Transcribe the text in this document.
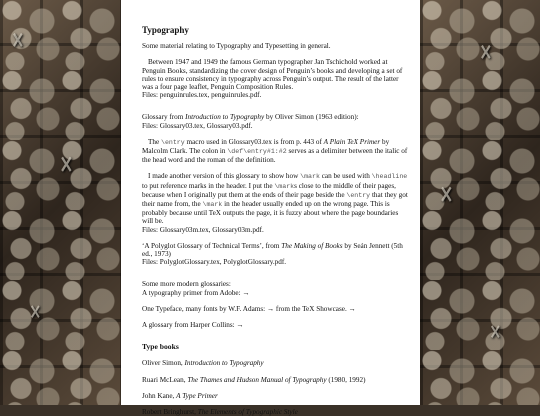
☓
☓
☓
☓
☓
☓
Typography

Some material relating to Typography and Typesetting in general.

Between 1947 and 1949 the famous German typographer Jan Tschichold worked at Penguin Books, standardizing the cover design of Penguin’s books and developing a set of rules to ensure consistency in typography across Penguin’s output. The result of the latter was a four page leaflet, Penguin Composition Rules.
Files: penguinrules.tex, penguinrules.pdf.

Glossary from Introduction to Typography by Oliver Simon (1963 edition):
Files: Glossary03.tex, Glossary03.pdf.

The \entry macro used in Glossary03.tex is from p. 443 of A Plain TeX Primer by Malcolm Clark. The colon in \def\entry#1:#2 serves as a delimiter between the italic of the head word and the roman of the definition.

I made another version of this glossary to show how \mark can be used with \headline to put reference marks in the header. I put the \marks close to the middle of their pages, because when I originally put them at the ends of their page beside the \entry that they got their name from, the \mark in the header usually ended up on the wrong page. This is probably because until TeX outputs the page, it is fuzzy about where the page boundaries will be.
Files: Glossary03m.tex, Glossary03m.pdf.

‘A Polyglot Glossary of Technical Terms’, from The Making of Books by Seán Jennett (5th ed., 1973)
Files: PolyglotGlossary.tex, PolyglotGlossary.pdf.

Some more modern glossaries:
A typography primer from Adobe: →

One Typeface, many fonts by W.F. Adams: → from the TeX Showcase. →

A glossary from Harper Collins: →

Type books

Oliver Simon, Introduction to Typography

Ruari McLean, The Thames and Hudson Manual of Typography (1980, 1992)

John Kane, A Type Primer

Robert Bringhurst, The Elements of Typographic Style
